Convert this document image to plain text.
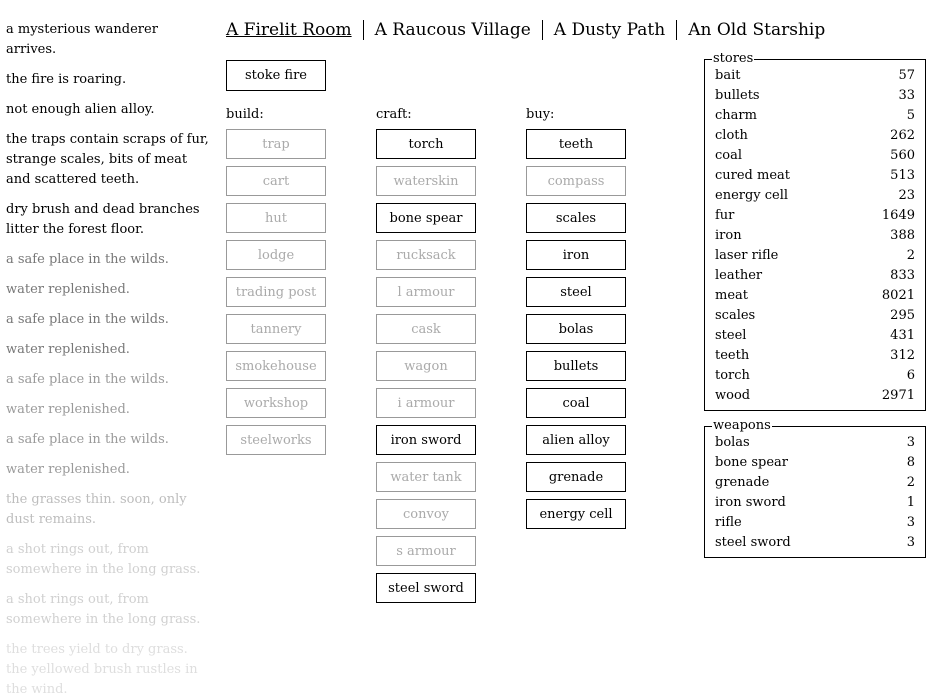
a mysterious wanderer arrives.
the fire is roaring.
not enough alien alloy.
the traps contain scraps of fur, strange scales, bits of meat and scattered teeth.
dry brush and dead branches litter the forest floor.
a safe place in the wilds.
water replenished.
a safe place in the wilds.
water replenished.
a safe place in the wilds.
water replenished.
a safe place in the wilds.
water replenished.
the grasses thin. soon, only dust remains.
a shot rings out, from somewhere in the long grass.
a shot rings out, from somewhere in the long grass.
the trees yield to dry grass. the yellowed brush rustles in the wind.
A Firelit Room A Raucous Village A Dusty Path An Old Starship
stoke fire
build:	craft:	buy:
trap
cart
hut
lodge
trading post
tannery
smokehouse
workshop
steelworks
torch
waterskin
bone spear
rucksack
l armour
cask
wagon
i armour
iron sword
water tank
convoy
s armour
steel sword
teeth
compass
scales
iron
steel
bolas
bullets
coal
alien alloy
grenade
energy cell
stores
bait	57
bullets	33
charm	5
cloth	262
coal	560
cured meat	513
energy cell	23
fur	1649
iron	388
laser rifle	2
leather	833
meat	8021
scales	295
steel	431
teeth	312
torch	6
wood	2971
weapons
bolas	3
bone spear	8
grenade	2
iron sword	1
rifle	3
steel sword	3
